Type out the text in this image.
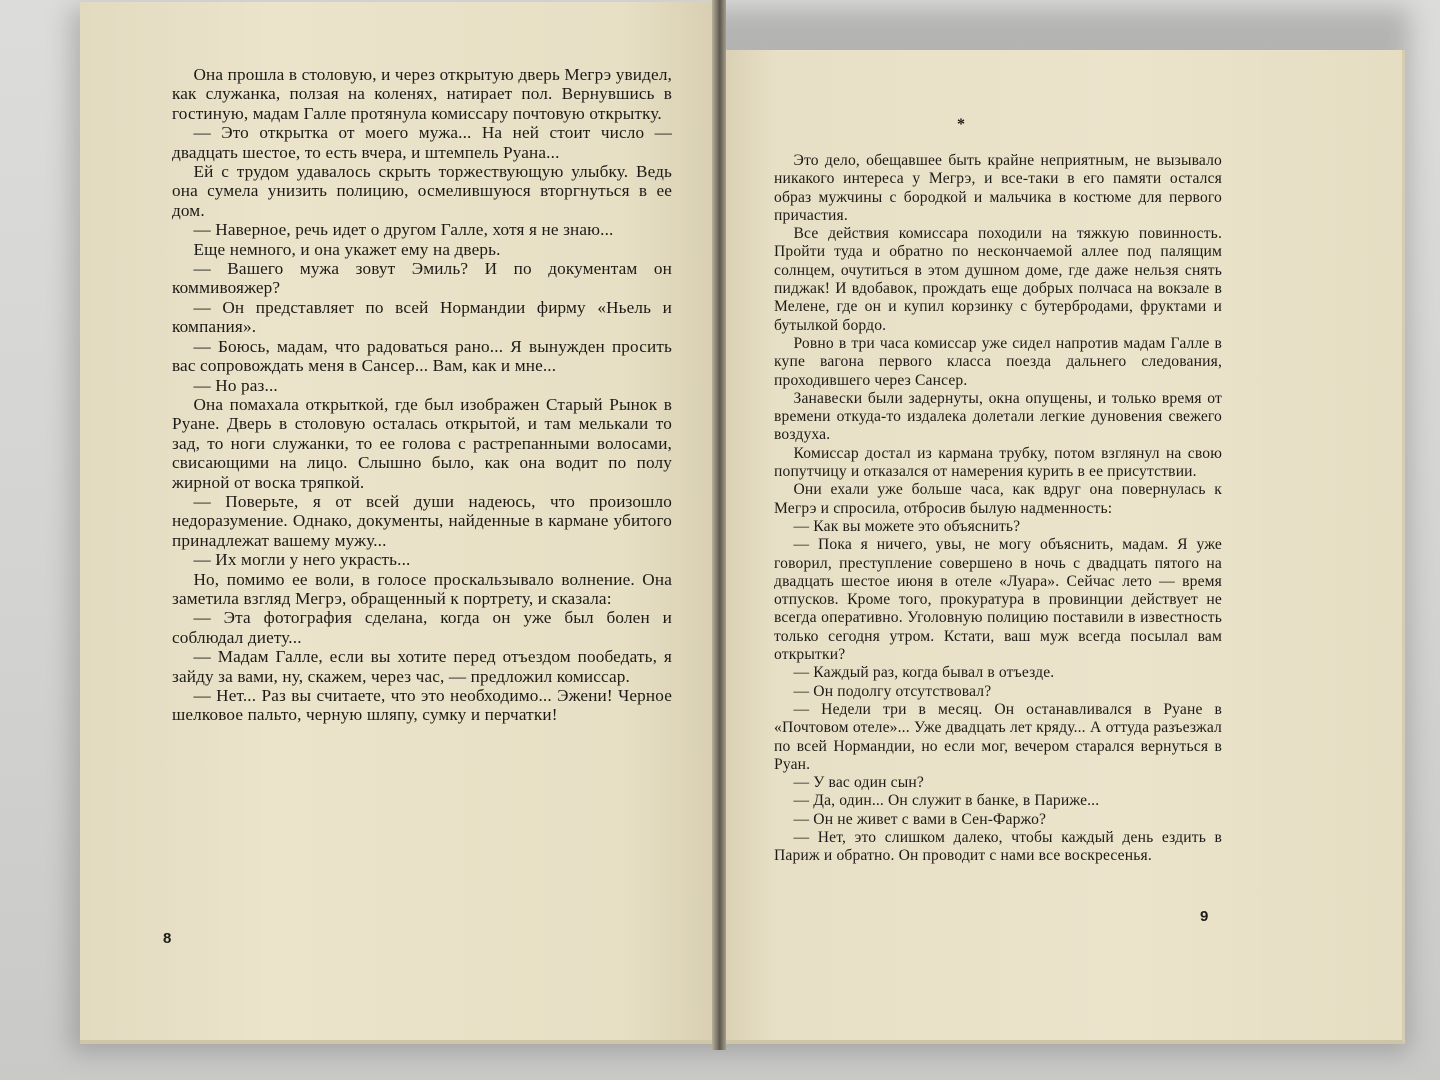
Она прошла в столовую, и через открытую дверь Мегрэ увидел, как служанка, ползая на коленях, натирает пол. Вернувшись в гостиную, мадам Галле протянула комиссару почтовую открытку.

— Это открытка от моего мужа... На ней стоит число — двадцать шестое, то есть вчера, и штемпель Руана...

Ей с трудом удавалось скрыть торжествующую улыбку. Ведь она сумела унизить полицию, осмелившуюся вторгнуться в ее дом.

— Наверное, речь идет о другом Галле, хотя я не знаю...

Еще немного, и она укажет ему на дверь.

— Вашего мужа зовут Эмиль? И по документам он коммивояжер?

— Он представляет по всей Нормандии фирму «Ньель и компания».

— Боюсь, мадам, что радоваться рано... Я вынужден просить вас сопровождать меня в Сансер... Вам, как и мне...

— Но раз...

Она помахала открыткой, где был изображен Старый Рынок в Руане. Дверь в столовую осталась открытой, и там мелькали то зад, то ноги служанки, то ее голова с растрепанными волосами, свисающими на лицо. Слышно было, как она водит по полу жирной от воска тряпкой.

— Поверьте, я от всей души надеюсь, что произошло недоразумение. Однако, документы, найденные в кармане убитого принадлежат вашему мужу...

— Их могли у него украсть...

Но, помимо ее воли, в голосе проскальзывало волнение. Она заметила взгляд Мегрэ, обращенный к портрету, и сказала:

— Эта фотография сделана, когда он уже был болен и соблюдал диету...

— Мадам Галле, если вы хотите перед отъездом пообедать, я зайду за вами, ну, скажем, через час, — предложил комиссар.

— Нет... Раз вы считаете, что это необходимо... Эжени! Черное шелковое пальто, черную шляпу, сумку и перчатки!

8
*

Это дело, обещавшее быть крайне неприятным, не вызывало никакого интереса у Мегрэ, и все-таки в его памяти остался образ мужчины с бородкой и мальчика в костюме для первого причастия.

Все действия комиссара походили на тяжкую повинность. Пройти туда и обратно по нескончаемой аллее под палящим солнцем, очутиться в этом душном доме, где даже нельзя снять пиджак! И вдобавок, прождать еще добрых полчаса на вокзале в Мелене, где он и купил корзинку с бутербродами, фруктами и бутылкой бордо.

Ровно в три часа комиссар уже сидел напротив мадам Галле в купе вагона первого класса поезда дальнего следования, проходившего через Сансер.

Занавески были задернуты, окна опущены, и только время от времени откуда-то издалека долетали легкие дуновения свежего воздуха.

Комиссар достал из кармана трубку, потом взглянул на свою попутчицу и отказался от намерения курить в ее присутствии.

Они ехали уже больше часа, как вдруг она повернулась к Мегрэ и спросила, отбросив былую надменность:

— Как вы можете это объяснить?

— Пока я ничего, увы, не могу объяснить, мадам. Я уже говорил, преступление совершено в ночь с двадцать пятого на двадцать шестое июня в отеле «Луара». Сейчас лето — время отпусков. Кроме того, прокуратура в провинции действует не всегда оперативно. Уголовную полицию поставили в известность только сегодня утром. Кстати, ваш муж всегда посылал вам открытки?

— Каждый раз, когда бывал в отъезде.

— Он подолгу отсутствовал?

— Недели три в месяц. Он останавливался в Руане в «Почтовом отеле»... Уже двадцать лет кряду... А оттуда разъезжал по всей Нормандии, но если мог, вечером старался вернуться в Руан.

— У вас один сын?

— Да, один... Он служит в банке, в Париже...

— Он не живет с вами в Сен-Фаржо?

— Нет, это слишком далеко, чтобы каждый день ездить в Париж и обратно. Он проводит с нами все воскресенья.

9
